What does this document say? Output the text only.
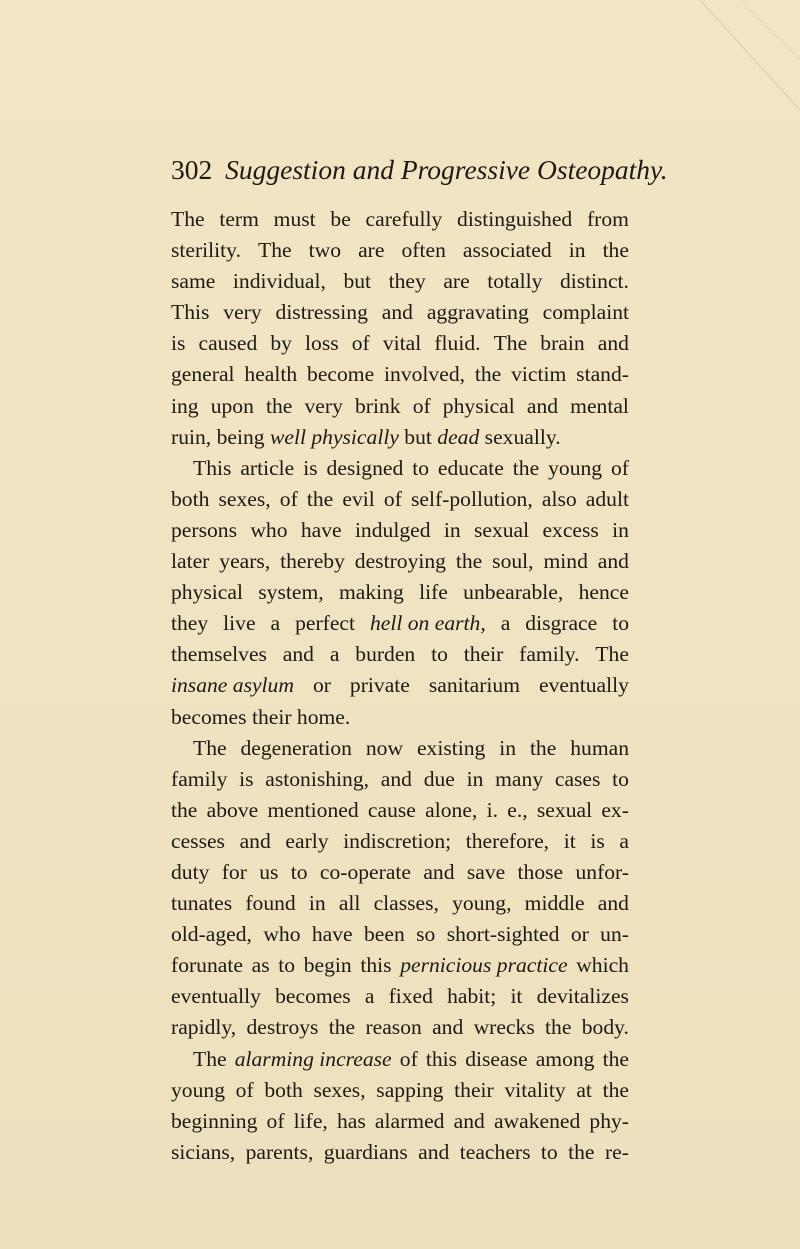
302 Suggestion and Progressive Osteopathy.
The term must be carefully distinguished from
sterility. The two are often associated in the
same individual, but they are totally distinct.
This very distressing and aggravating complaint
is caused by loss of vital fluid. The brain and
general health become involved, the victim stand-
ing upon the very brink of physical and mental
ruin, being well physically but dead sexually.
This article is designed to educate the young of
both sexes, of the evil of self-pollution, also adult
persons who have indulged in sexual excess in
later years, thereby destroying the soul, mind and
physical system, making life unbearable, hence
they live a perfect hell on earth, a disgrace to
themselves and a burden to their family. The
insane asylum or private sanitarium eventually
becomes their home.
The degeneration now existing in the human
family is astonishing, and due in many cases to
the above mentioned cause alone, i. e., sexual ex-
cesses and early indiscretion; therefore, it is a
duty for us to co-operate and save those unfor-
tunates found in all classes, young, middle and
old-aged, who have been so short-sighted or un-
forunate as to begin this pernicious practice which
eventually becomes a fixed habit; it devitalizes
rapidly, destroys the reason and wrecks the body.
The alarming increase of this disease among the
young of both sexes, sapping their vitality at the
beginning of life, has alarmed and awakened phy-
sicians, parents, guardians and teachers to the re-
